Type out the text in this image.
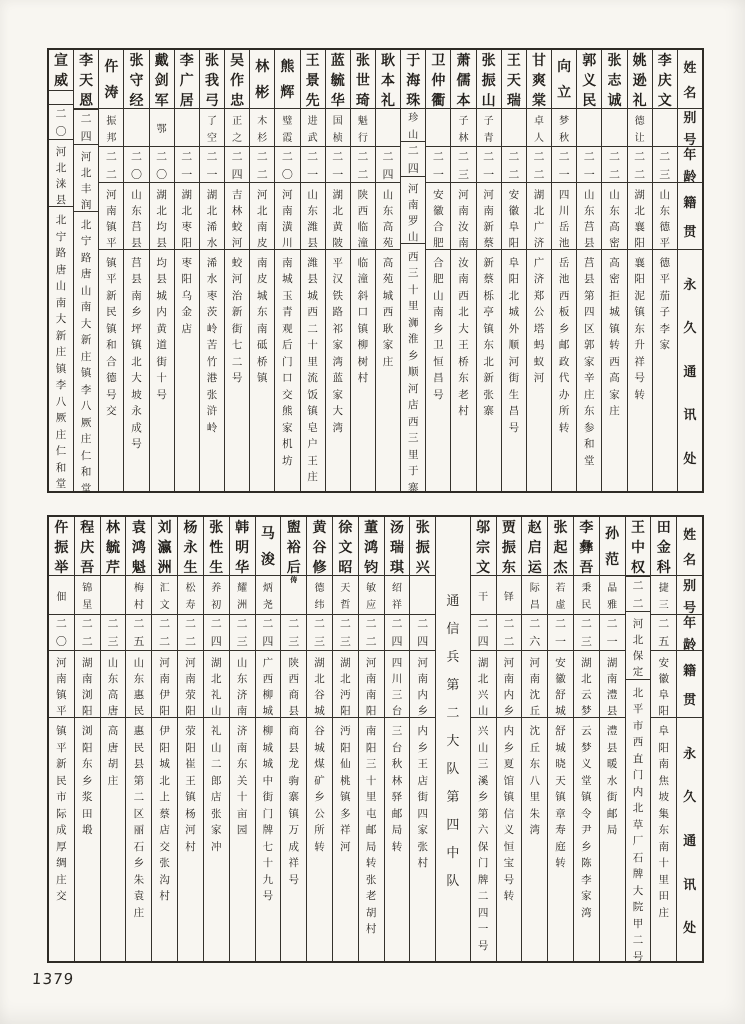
姓
名
别
号
年
龄
籍
贯
永
久
通
讯
处
李
庆
文
二
三
山
东
德
平
德
平
茄
子
李
家
姚
逊
礼
德
让
二
二
湖
北
襄
阳
襄
阳
泥
镇
东
升
祥
号
转
张
志
诚
二
二
山
东
高
密
高
密
拒
城
镇
转
西
高
家
庄
郭
义
民
二
一
山
东
莒
县
莒
县
第
四
区
郭
家
辛
庄
东
参
和
堂
向
立
梦
秋
二
一
四
川
岳
池
岳
池
西
板
乡
邮
政
代
办
所
转
甘
爽
棠
卓
人
二
二
湖
北
广
济
广
济
郑
公
塔
蚂
蚁
河
王
天
瑞
二
二
安
徽
阜
阳
阜
阳
北
城
外
顺
河
街
生
昌
号
张
振
山
子
青
二
一
河
南
新
蔡
新
蔡
栎
亭
镇
东
北
新
张
寨
萧
儒
本
子
林
二
三
河
南
汝
南
汝
南
西
北
大
王
桥
东
老
村
卫
仲
衢
二
一
安
徽
合
肥
合
肥
山
南
乡
卫
恒
昌
号
于
海
珠
珍
山
二
四
河
南
罗
山
西
三
十
里
浉
淮
乡
顺
河
店
西
三
里
于
寨
耿
本
礼
二
四
山
东
高
苑
高
苑
城
西
耿
家
庄
张
世
琦
魁
行
二
二
陕
西
临
潼
临
潼
斜
口
镇
柳
树
村
蓝
毓
华
国
桢
二
一
湖
北
黄
陂
平
汉
铁
路
祁
家
湾
蓝
家
大
湾
王
景
先
进
武
二
一
山
东
潍
县
潍
县
城
西
二
十
里
流
饭
镇
皂
户
王
庄
熊
辉
璧
霞
二
〇
河
南
潢
川
南
城
玉
青
观
后
门
口
交
熊
家
机
坊
林
彬
木
杉
二
二
河
北
南
皮
南
皮
城
东
南
砥
桥
镇
吴
作
忠
正
之
二
四
吉
林
蛟
河
蛟
河
治
新
街
七
二
号
张
我
弓
了
空
二
一
湖
北
浠
水
浠
水
枣
茨
岭
苦
竹
港
张
浒
岭
李
广
居
二
一
湖
北
枣
阳
枣
阳
乌
金
店
戴
剑
军
鄂
二
〇
湖
北
均
县
均
县
城
内
黄
道
街
十
号
张
守
经
二
〇
山
东
莒
县
莒
县
南
乡
坪
镇
北
大
坡
永
成
号
仵
涛
振
邦
二
二
河
南
镇
平
镇
平
新
民
镇
和
合
德
号
交
李
天
恩
二
四
河
北
丰
润
北
宁
路
唐
山
南
大
新
庄
镇
李
八
厥
庄
仁
和
堂
宣
威
二
〇
河
北
涞
县
北
宁
路
唐
山
南
大
新
庄
镇
李
八
厥
庄
仁
和
堂
姓
名
别
号
年
龄
籍
贯
永
久
通
讯
处
田
金
科
捷
三
二
五
安
徽
阜
阳
阜
阳
南
焦
坡
集
东
南
十
里
田
庄
王
中
权
二
二
河
北
保
定
北
平
市
西
直
门
内
北
草
厂
石
牌
大
院
甲
二
号
孙
范
晶
雅
二
一
湖
南
澧
县
澧
县
暖
水
街
邮
局
李
彝
吾
秉
民
二
三
湖
北
云
梦
云
梦
义
堂
镇
令
尹
乡
陈
李
家
湾
张
起
杰
若
虚
二
一
安
徽
舒
城
舒
城
晓
天
镇
章
寿
庭
转
赵
启
运
际
昌
二
六
河
南
沈
丘
沈
丘
东
八
里
朱
湾
贾
振
东
铎
二
二
河
南
内
乡
内
乡
夏
馆
镇
信
义
恒
宝
号
转
邬
宗
文
干
二
四
湖
北
兴
山
兴
山
三
溪
乡
第
六
保
门
牌
二
四
一
号
通
信
兵
第
二
大
队
第
四
中
队
张
振
兴
二
四
河
南
内
乡
内
乡
王
店
街
四
家
张
村
汤
瑞
琪
绍
祥
二
四
四
川
三
台
三
台
秋
林
驿
邮
局
转
董
鸿
钧
敏
应
二
二
河
南
南
阳
南
阳
三
十
里
屯
邮
局
转
张
老
胡
村
徐
文
昭
天
哲
二
三
湖
北
沔
阳
沔
阳
仙
桃
镇
多
祥
河
黄
谷
修
德
纬
二
三
湖
北
谷
城
谷
城
煤
矿
乡
公
所
转
盥
裕
后
俦
二
三
陕
西
商
县
商
县
龙
驹
寨
镇
万
成
祥
号
马
浚
炳
尧
二
四
广
西
柳
城
柳
城
城
中
街
门
牌
七
十
九
号
韩
明
华
耀
洲
二
三
山
东
济
南
济
南
东
关
十
亩
园
张
性
生
养
初
二
四
湖
北
礼
山
礼
山
二
郎
店
张
家
冲
杨
永
生
松
寿
二
二
河
南
荥
阳
荥
阳
崔
王
镇
杨
河
村
刘
瀛
洲
汇
文
二
二
河
南
伊
阳
伊
阳
城
北
上
蔡
店
交
张
沟
村
袁
鸿
魁
梅
村
二
五
山
东
惠
民
惠
民
县
第
二
区
丽
石
乡
朱
袁
庄
林
毓
芹
二
三
山
东
高
唐
高
唐
胡
庄
程
庆
吾
锦
星
二
二
湖
南
浏
阳
浏
阳
东
乡
浆
田
塅
仵
振
举
佃
二
〇
河
南
镇
平
镇
平
新
民
市
际
成
厚
绸
庄
交
1379
